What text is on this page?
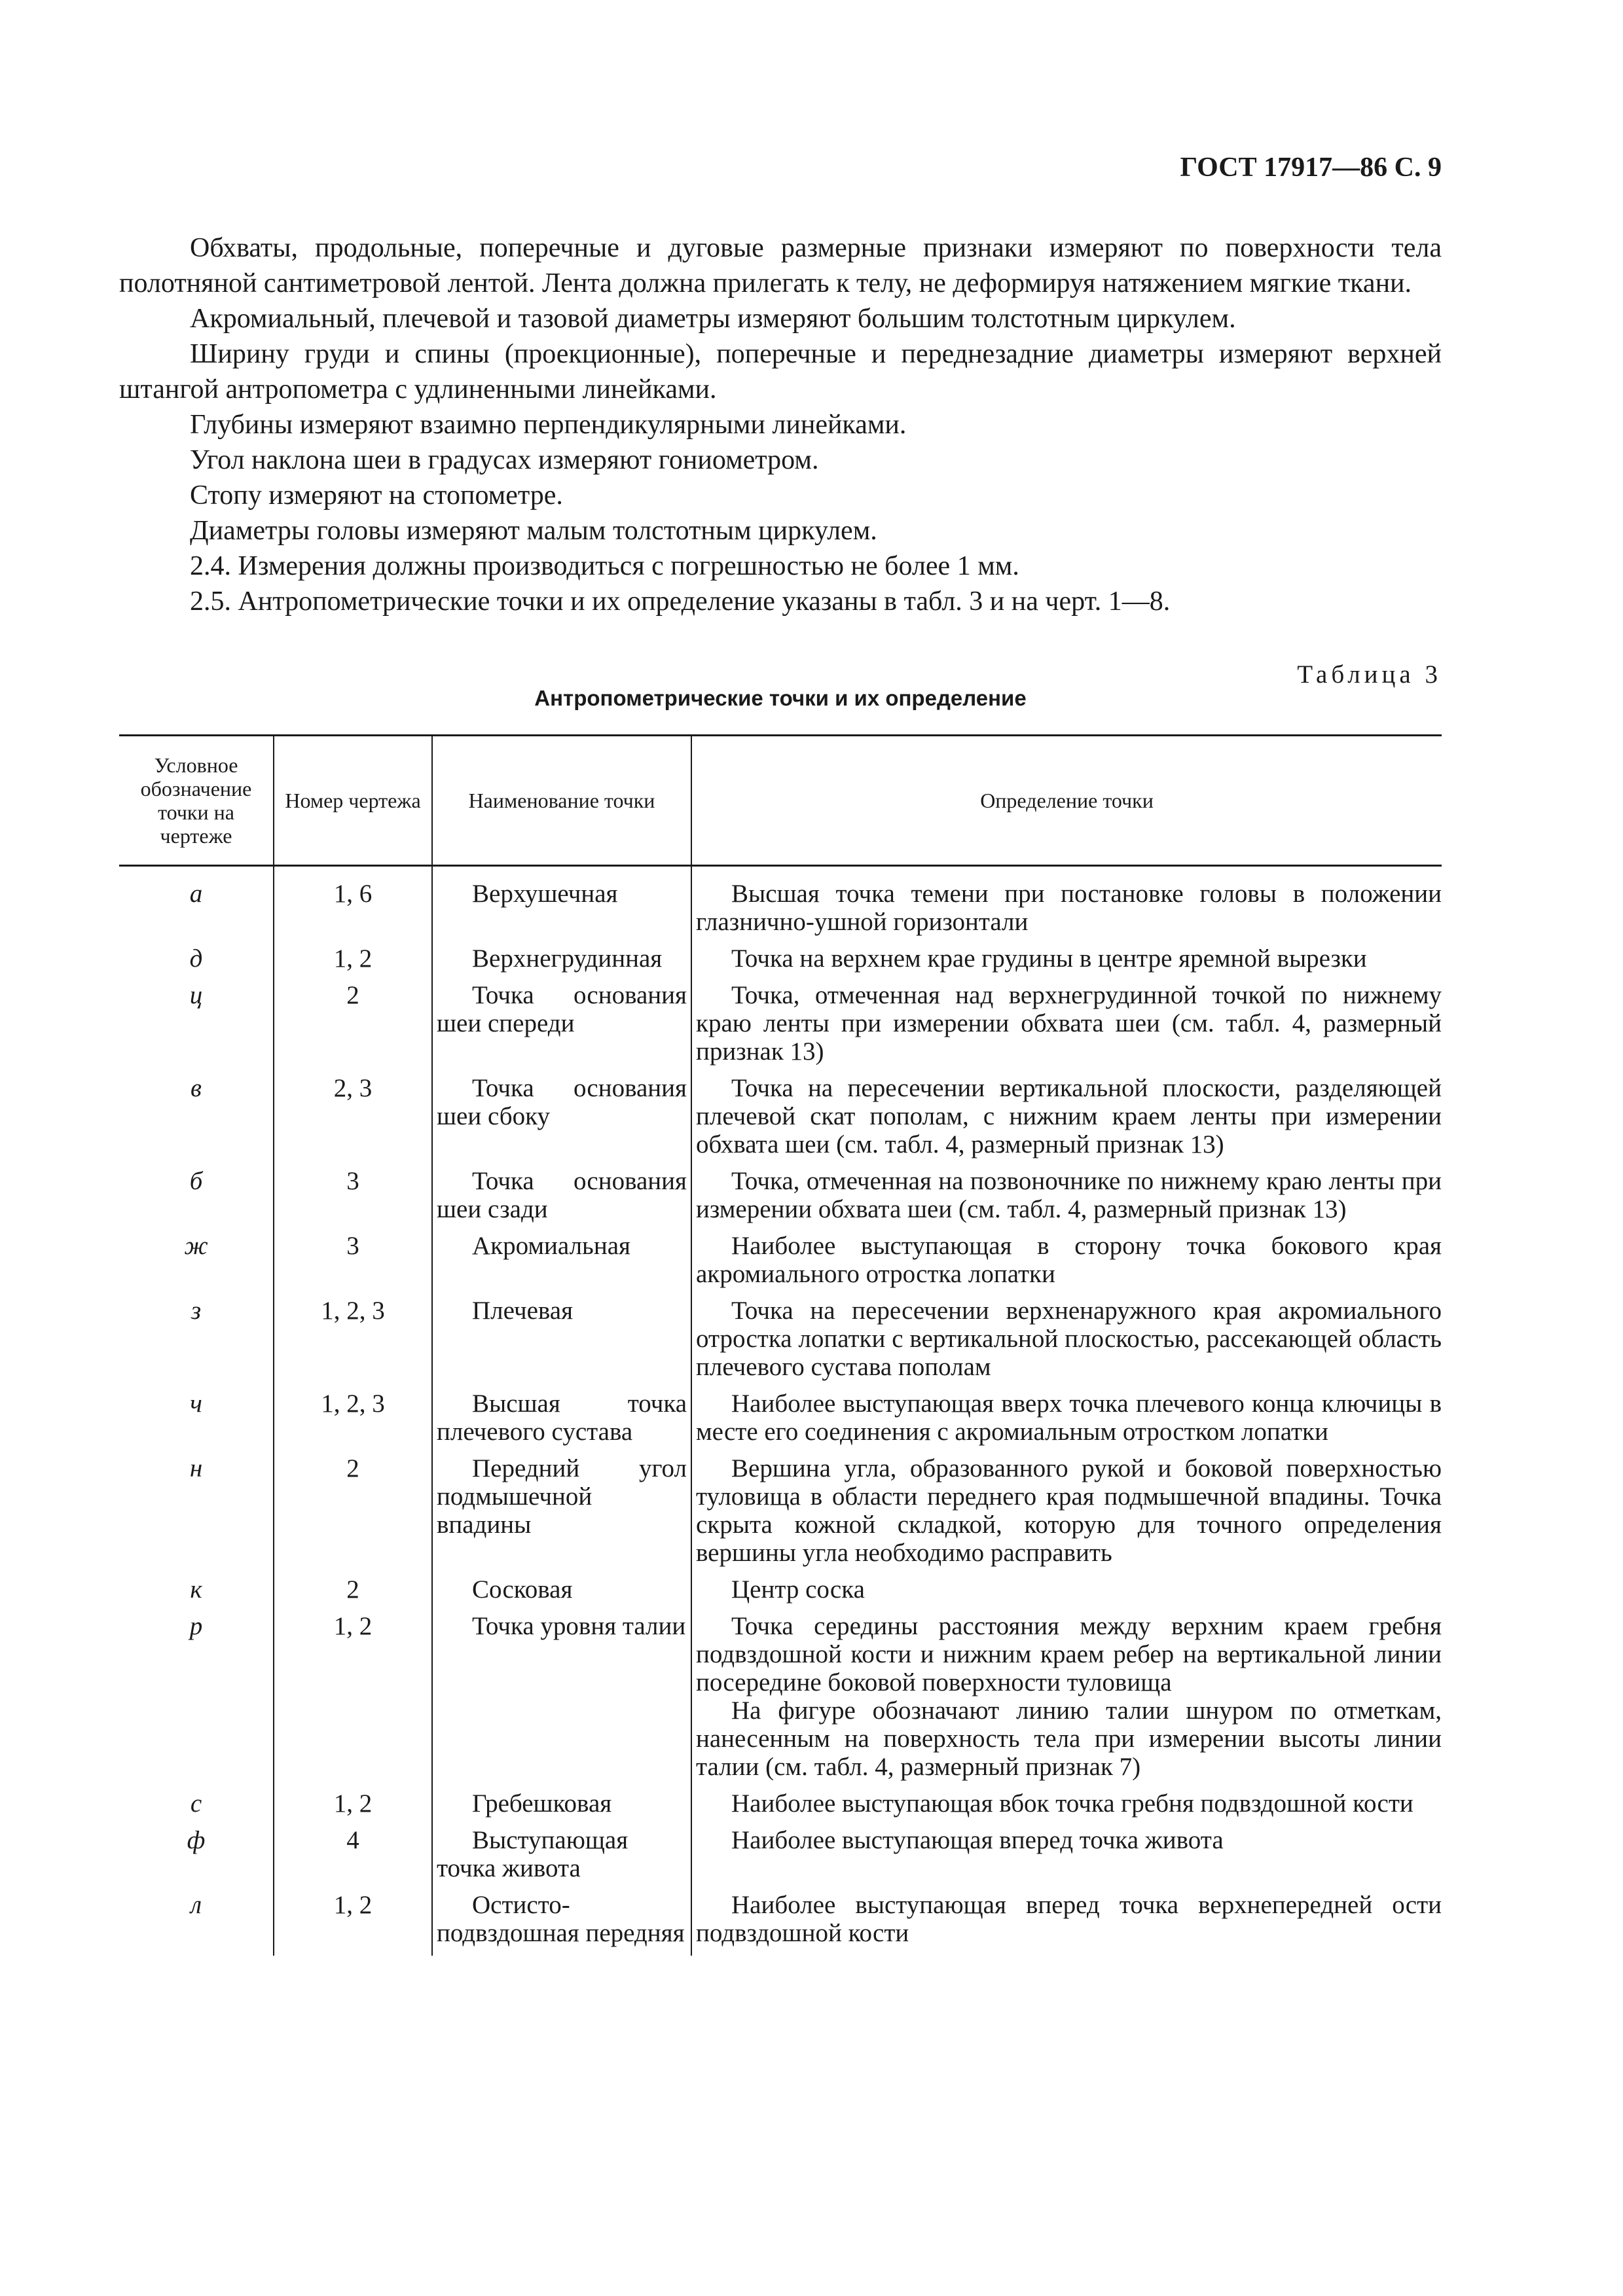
ГОСТ 17917—86 С. 9

Обхваты, продольные, поперечные и дуговые размерные признаки измеряют по поверхности тела полотняной сантиметровой лентой. Лента должна прилегать к телу, не деформируя натяжением мягкие ткани.

Акромиальный, плечевой и тазовой диаметры измеряют большим толстотным циркулем.

Ширину груди и спины (проекционные), поперечные и переднезадние диаметры измеряют верхней штангой антропометра с удлиненными линейками.

Глубины измеряют взаимно перпендикулярными линейками.

Угол наклона шеи в градусах измеряют гониометром.

Стопу измеряют на стопометре.

Диаметры головы измеряют малым толстотным циркулем.

2.4. Измерения должны производиться с погрешностью не более 1 мм.

2.5. Антропометрические точки и их определение указаны в табл. 3 и на черт. 1—8.

Таблица 3
Антропометрические точки и их определение
Условное обозначение точки на чертеже	Номер чертежа	Наименование точки	Определение точки
а	1, 6	Верхушечная	Высшая точка темени при постановке головы в положении глазнично-ушной горизонтали

д	1, 2	Верхнегрудинная	Точка на верхнем крае грудины в центре яремной вырезки

ц	2	Точка основания шеи спереди	Точка, отмеченная над верхнегрудинной точкой по нижнему краю ленты при измерении обхвата шеи (см. табл. 4, размерный признак 13)

в	2, 3	Точка основания шеи сбоку	Точка на пересечении вертикальной плоскости, разделяющей плечевой скат пополам, с нижним краем ленты при измерении обхвата шеи (см. табл. 4, размерный признак 13)

б	3	Точка основания шеи сзади	Точка, отмеченная на позвоночнике по нижнему краю ленты при измерении обхвата шеи (см. табл. 4, размерный признак 13)

ж	3	Акромиальная	Наиболее выступающая в сторону точка бокового края акромиального отростка лопатки

з	1, 2, 3	Плечевая	Точка на пересечении верхненаружного края акромиального отростка лопатки с вертикальной плоскостью, рассекающей область плечевого сустава пополам

ч	1, 2, 3	Высшая точка плечевого сустава	Наиболее выступающая вверх точка плечевого конца ключицы в месте его соединения с акромиальным отростком лопатки

н	2	Передний угол подмышечной впадины	Вершина угла, образованного рукой и боковой поверхностью туловища в области переднего края подмышечной впадины. Точка скрыта кожной складкой, которую для точного определения вершины угла необходимо расправить

к	2	Сосковая	Центр соска

р	1, 2	Точка уровня талии	Точка середины расстояния между верхним краем гребня подвздошной кости и нижним краем ребер на вертикальной линии посередине боковой поверхности туловища
На фигуре обозначают линию талии шнуром по отметкам, нанесенным на поверхность тела при измерении высоты линии талии (см. табл. 4, размерный признак 7)

с	1, 2	Гребешковая	Наиболее выступающая вбок точка гребня подвздошной кости

ф	4	Выступающая точка живота	Наиболее выступающая вперед точка живота

л	1, 2	Остисто-подвздошная передняя	Наиболее выступающая вперед точка верхнепередней ости подвздошной кости
